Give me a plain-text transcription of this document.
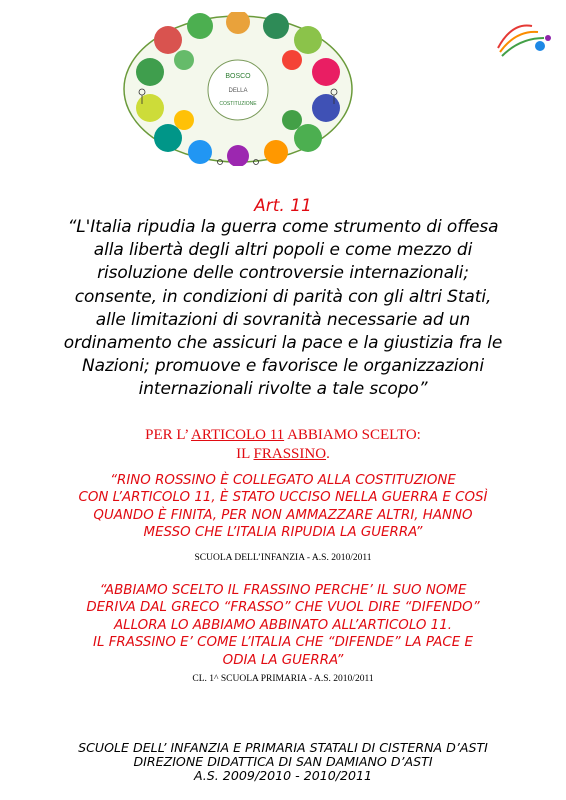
BOSCO
DELLA
COSTITUZIONE
Art. 11

“L'Italia ripudia la guerra come strumento di offesa
alla libertà degli altri popoli e come mezzo di
risoluzione delle controversie internazionali;
consente, in condizioni di parità con gli altri Stati,
alle limitazioni di sovranità necessarie ad un
ordinamento che assicuri la pace e la giustizia fra le
Nazioni; promuove e favorisce le organizzazioni
internazionali rivolte a tale scopo”

PER L’ ARTICOLO 11 ABBIAMO SCELTO:
IL FRASSINO.

“RINO ROSSINO È COLLEGATO ALLA COSTITUZIONE
CON L’ARTICOLO 11, È STATO UCCISO NELLA GUERRA E COSÌ
QUANDO È FINITA, PER NON AMMAZZARE ALTRI, HANNO
MESSO CHE L’ITALIA RIPUDIA LA GUERRA”

SCUOLA DELL’INFANZIA - A.S. 2010/2011

“ABBIAMO SCELTO IL FRASSINO PERCHE’ IL SUO NOME
DERIVA DAL GRECO “FRASSO” CHE VUOL DIRE “DIFENDO”
ALLORA LO ABBIAMO ABBINATO ALL’ARTICOLO 11.
IL FRASSINO E’ COME L’ITALIA CHE “DIFENDE” LA PACE E
ODIA LA GUERRA”

CL. 1^ SCUOLA PRIMARIA - A.S. 2010/2011

SCUOLE DELL’ INFANZIA E PRIMARIA STATALI DI CISTERNA D’ASTI
DIREZIONE DIDATTICA DI SAN DAMIANO D’ASTI
A.S. 2009/2010 - 2010/2011
